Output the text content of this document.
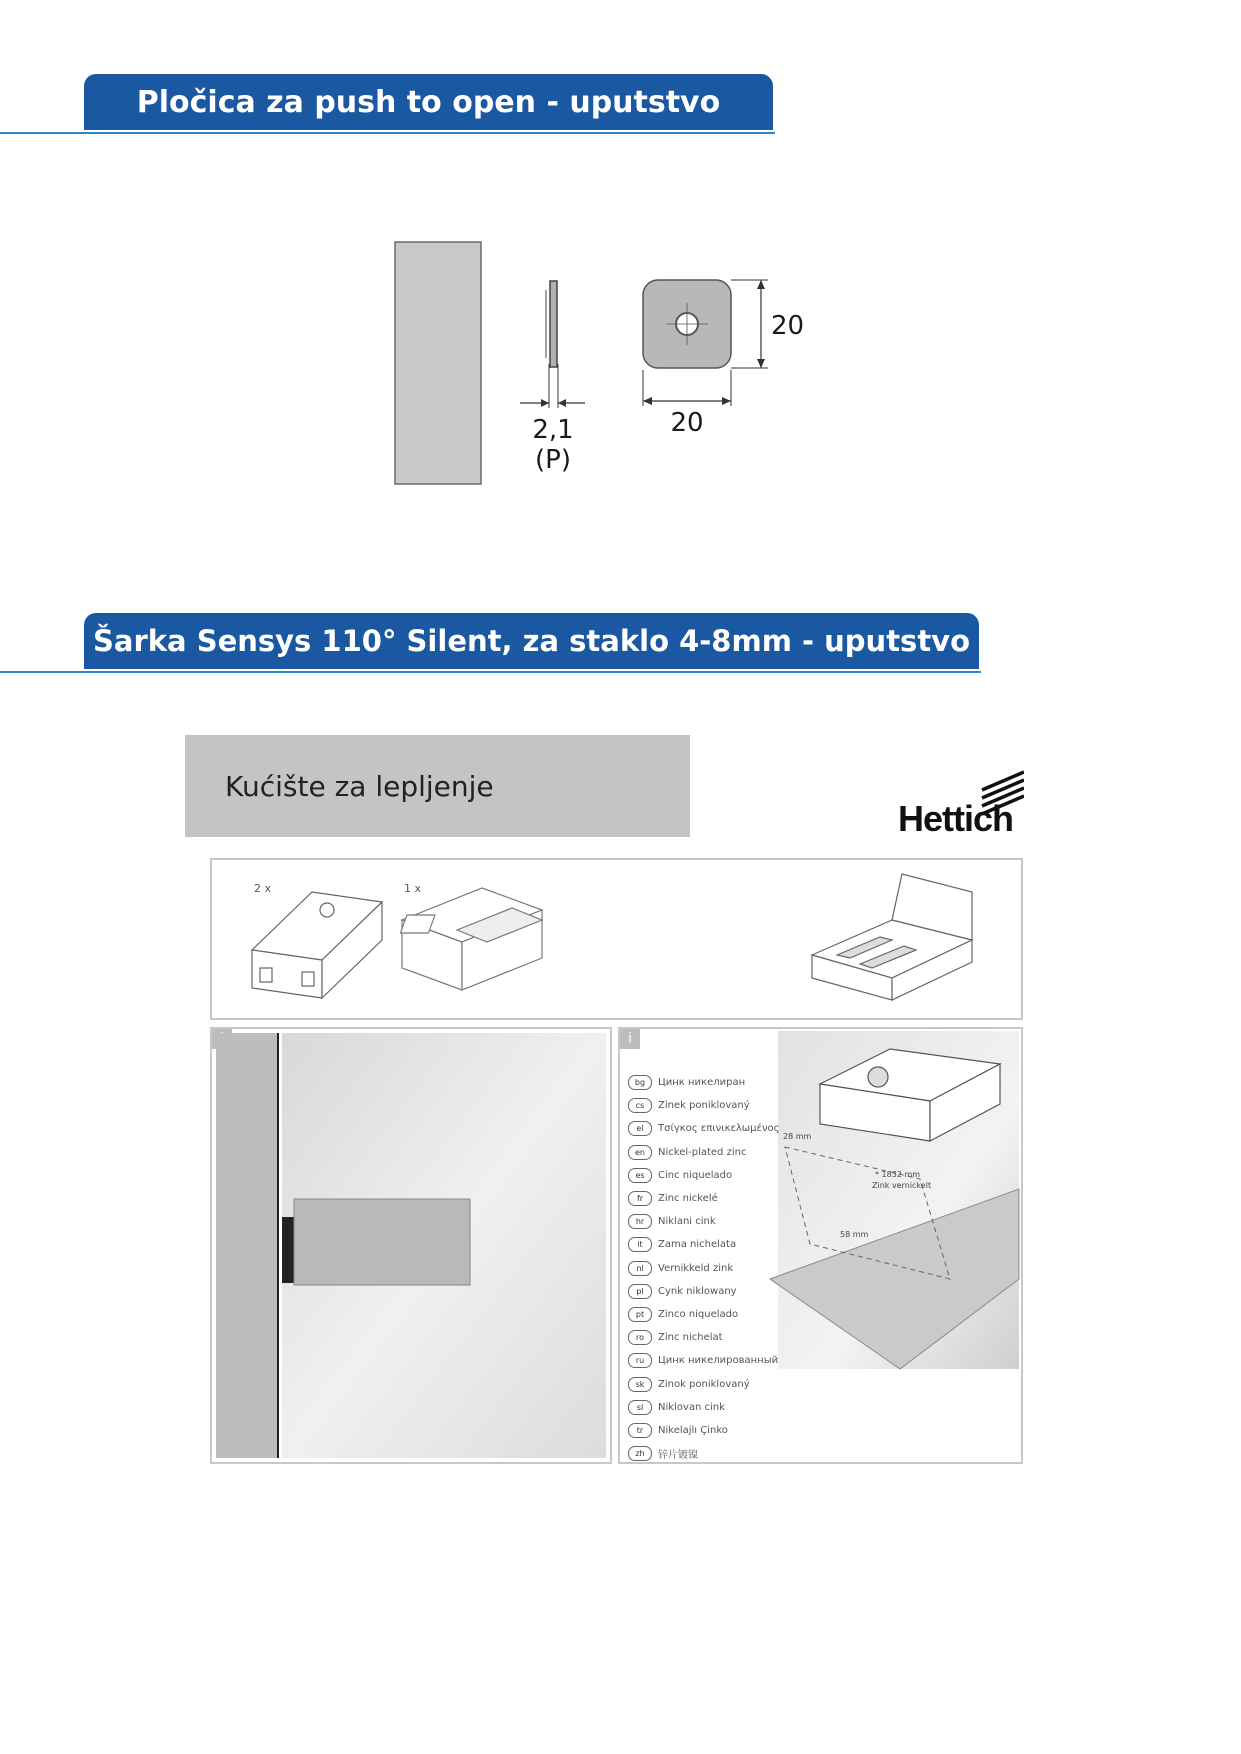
Pločica za push to open - uputstvo
2,1
(P)
20
20
Šarka Sensys 110° Silent, za staklo 4-8mm - uputstvo
Kućište za lepljenje
Hettich
2 x	1 x
i
28 mm
58 mm
* 1832 mm
Zink vernickelt
bg	Цинк никелиран
cs	Zinek poniklovaný
el	Τσίγκος επινικελωμένος
en	Nickel-plated zinc
es	Cinc niquelado
fr	Zinc nickelé
hr	Niklani cink
it	Zama nichelata
nl	Vernikkeld zink
pl	Cynk niklowany
pt	Zinco niquelado
ro	Zinc nichelat
ru	Цинк никелированный
sk	Zinok poniklovaný
sl	Niklovan cink
tr	Nikelajlı Çinko
zh	锌片镀镍
